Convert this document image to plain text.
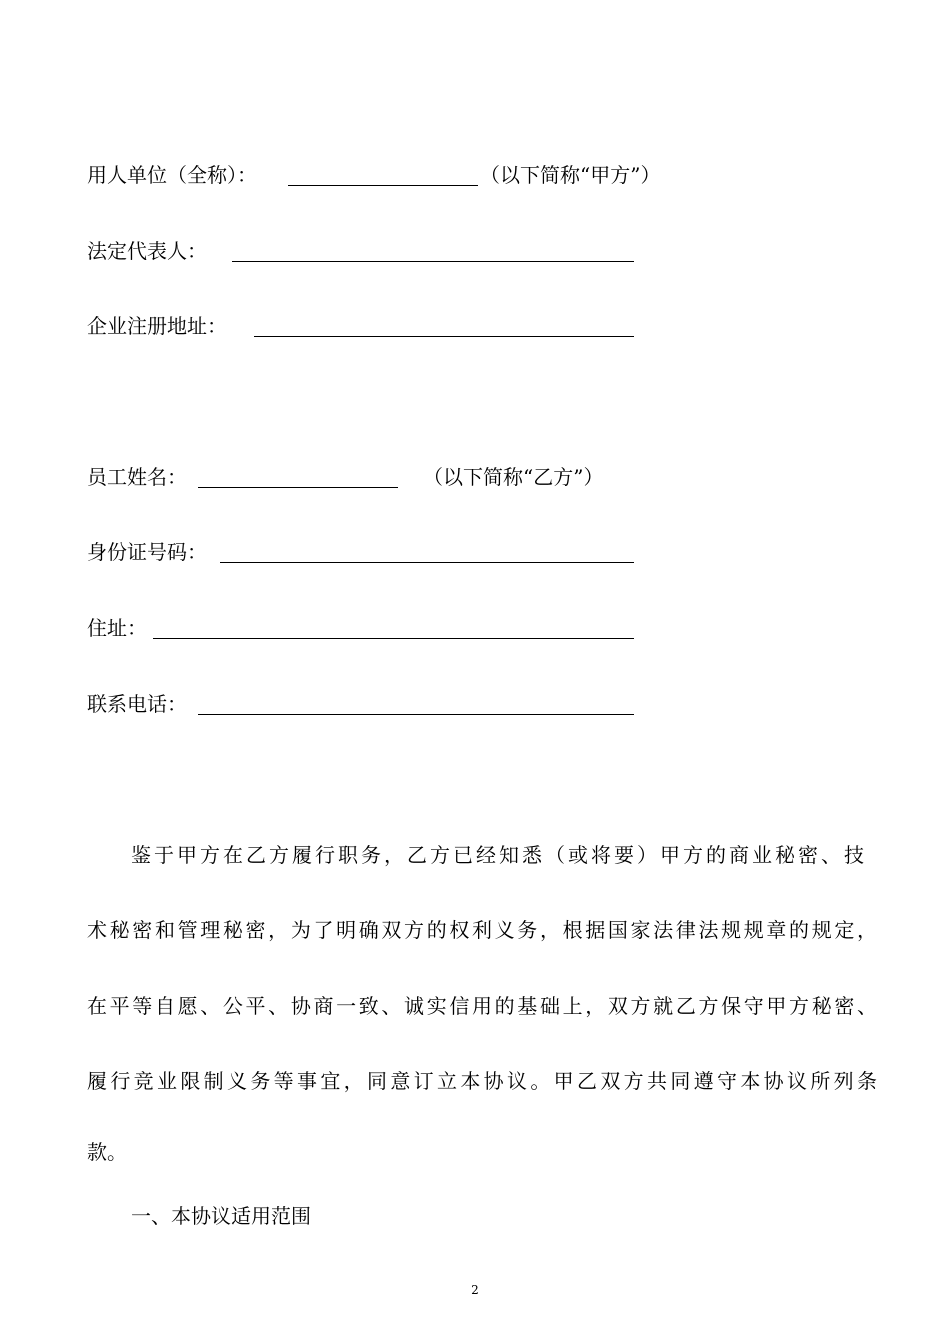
用人单位（全称）：	（以下简称“甲方”）
法定代表人：
企业注册地址：
员工姓名：	（以下简称“乙方”）
身份证号码：
住址：
联系电话：
鉴于甲方在乙方履行职务，乙方已经知悉（或将要）甲方的商业秘密、技
术秘密和管理秘密，为了明确双方的权利义务，根据国家法律法规规章的规定，
在平等自愿、公平、协商一致、诚实信用的基础上，双方就乙方保守甲方秘密、
履行竞业限制义务等事宜，同意订立本协议。甲乙双方共同遵守本协议所列条
款。
一、本协议适用范围
2
